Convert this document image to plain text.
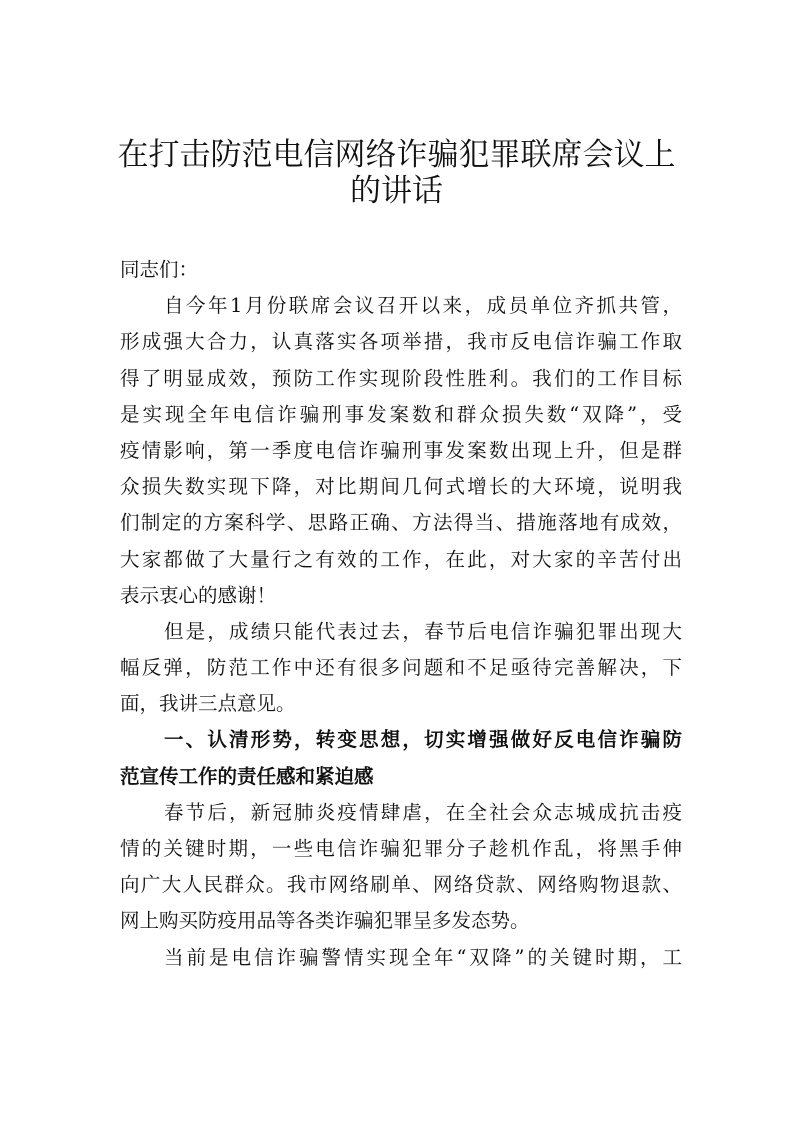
在打击防范电信网络诈骗犯罪联席会议上
的讲话
同志们：
自今年1月份联席会议召开以来，成员单位齐抓共管，
形成强大合力，认真落实各项举措，我市反电信诈骗工作取
得了明显成效，预防工作实现阶段性胜利。我们的工作目标
是实现全年电信诈骗刑事发案数和群众损失数“双降”，受
疫情影响，第一季度电信诈骗刑事发案数出现上升，但是群
众损失数实现下降，对比期间几何式增长的大环境，说明我
们制定的方案科学、思路正确、方法得当、措施落地有成效，
大家都做了大量行之有效的工作，在此，对大家的辛苦付出
表示衷心的感谢！
但是，成绩只能代表过去，春节后电信诈骗犯罪出现大
幅反弹，防范工作中还有很多问题和不足亟待完善解决，下
面，我讲三点意见。
一、认清形势，转变思想，切实增强做好反电信诈骗防
范宣传工作的责任感和紧迫感
春节后，新冠肺炎疫情肆虐，在全社会众志城成抗击疫
情的关键时期，一些电信诈骗犯罪分子趁机作乱，将黑手伸
向广大人民群众。我市网络刷单、网络贷款、网络购物退款、
网上购买防疫用品等各类诈骗犯罪呈多发态势。
当前是电信诈骗警情实现全年“双降”的关键时期，工
